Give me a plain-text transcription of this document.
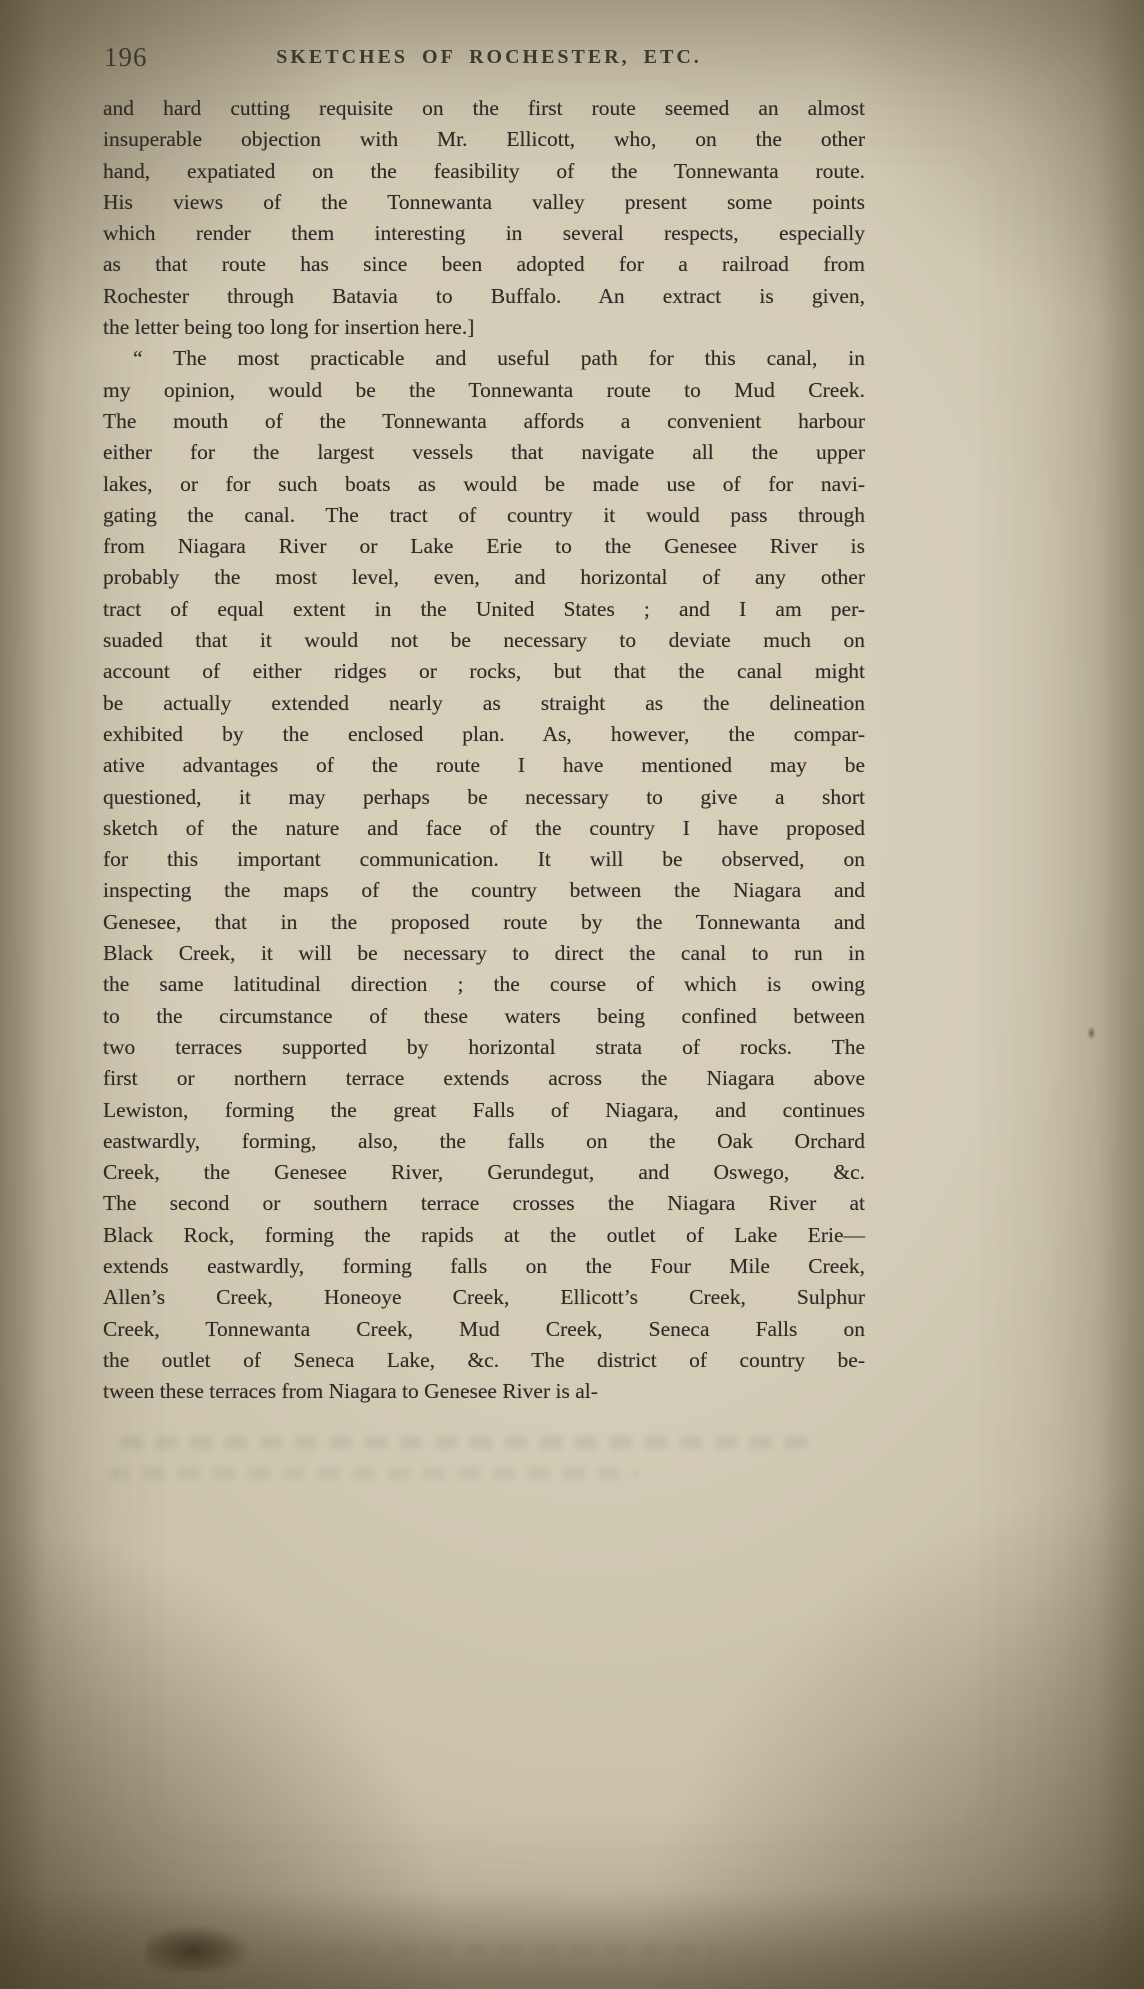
196	SKETCHES OF ROCHESTER, ETC.
and hard cutting requisite on the first route seemed an almost
insuperable objection with Mr. Ellicott, who, on the other
hand, expatiated on the feasibility of the Tonnewanta route.
His views of the Tonnewanta valley present some points
which render them interesting in several respects, especially
as that route has since been adopted for a railroad from
Rochester through Batavia to Buffalo. An extract is given,
the letter being too long for insertion here.]
“ The most practicable and useful path for this canal, in
my opinion, would be the Tonnewanta route to Mud Creek.
The mouth of the Tonnewanta affords a convenient harbour
either for the largest vessels that navigate all the upper
lakes, or for such boats as would be made use of for navi-
gating the canal. The tract of country it would pass through
from Niagara River or Lake Erie to the Genesee River is
probably the most level, even, and horizontal of any other
tract of equal extent in the United States ; and I am per-
suaded that it would not be necessary to deviate much on
account of either ridges or rocks, but that the canal might
be actually extended nearly as straight as the delineation
exhibited by the enclosed plan. As, however, the compar-
ative advantages of the route I have mentioned may be
questioned, it may perhaps be necessary to give a short
sketch of the nature and face of the country I have proposed
for this important communication. It will be observed, on
inspecting the maps of the country between the Niagara and
Genesee, that in the proposed route by the Tonnewanta and
Black Creek, it will be necessary to direct the canal to run in
the same latitudinal direction ; the course of which is owing
to the circumstance of these waters being confined between
two terraces supported by horizontal strata of rocks. The
first or northern terrace extends across the Niagara above
Lewiston, forming the great Falls of Niagara, and continues
eastwardly, forming, also, the falls on the Oak Orchard
Creek, the Genesee River, Gerundegut, and Oswego, &c.
The second or southern terrace crosses the Niagara River at
Black Rock, forming the rapids at the outlet of Lake Erie—
extends eastwardly, forming falls on the Four Mile Creek,
Allen’s Creek, Honeoye Creek, Ellicott’s Creek, Sulphur
Creek, Tonnewanta Creek, Mud Creek, Seneca Falls on
the outlet of Seneca Lake, &c. The district of country be-
tween these terraces from Niagara to Genesee River is al-
